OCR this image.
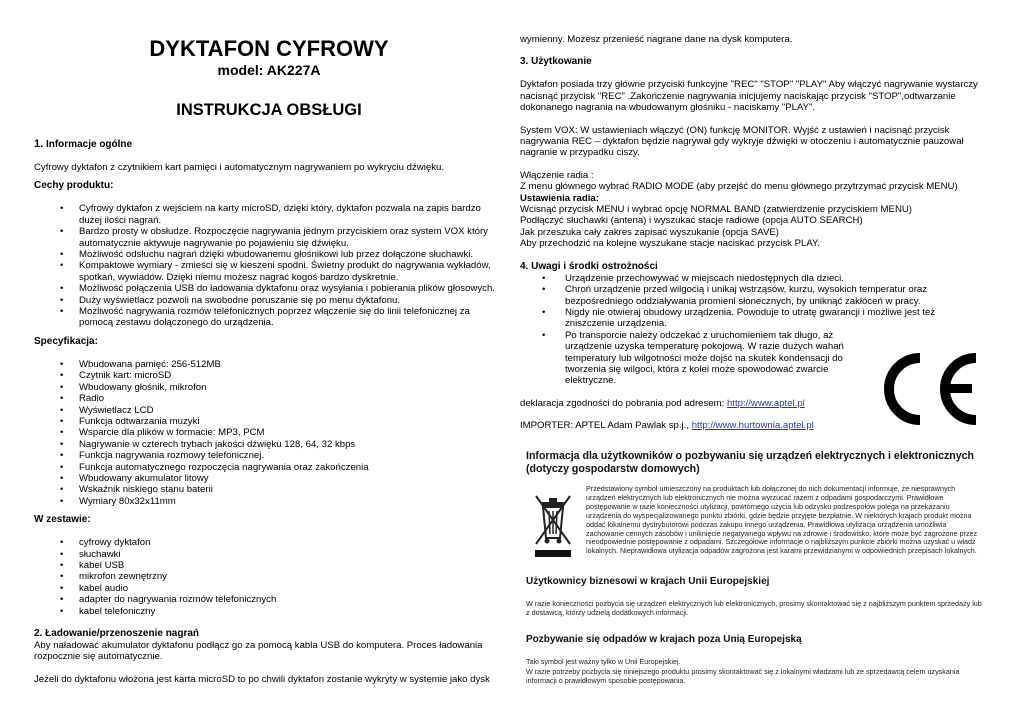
DYKTAFON CYFROWY
model: AK227A
INSTRUKCJA OBSŁUGI
1. Informacje ogólne
Cyfrowy dyktafon z czytnikiem kart pamięci i automatycznym nagrywaniem po wykryciu dźwięku.
Cechy produktu:
• Cyfrowy dyktafon z wejściem na karty microSD, dzięki który, dyktafon pozwala na zapis bardzo dużej ilości nagrań.
• Bardzo prosty w obsłudze. Rozpoczęcie nagrywania jednym przyciskiem oraz system VOX który automatycznie aktywuje nagrywanie po pojawieniu się dźwięku.
• Możliwość odsłuchu nagrań dzięki wbudowanemu głośnikowi lub przez dołączone słuchawki.
• Kompaktowe wymiary - zmieści się w kieszeni spodni. Świetny produkt do nagrywania wykładów, spotkań, wywiadów. Dzięki niemu możesz nagrać kogoś bardzo dyskretnie.
• Możliwość połączenia USB do ładowania dyktafonu oraz wysyłania i pobierania plików głosowych.
• Duży wyświetlacz pozwoli na swobodne poruszanie się po menu dyktafonu.
• Możliwość nagrywania rozmów telefonicznych poprzez włączenie się do linii telefonicznej za pomocą zestawu dołączonego do urządzenia.
Specyfikacja:
• Wbudowana pamięć: 256-512MB
• Czytnik kart: microSD
• Wbudowany głośnik, mikrofon
• Radio
• Wyświetlacz LCD
• Funkcja odtwarzania muzyki
• Wsparcie dla plików w formacie: MP3, PCM
• Nagrywanie w czterech trybach jakości dźwięku 128, 64, 32 kbps
• Funkcja nagrywania rozmowy telefonicznej.
• Funkcja automatycznego rozpoczęcia nagrywania oraz zakończenia
• Wbudowany akumulator litowy
• Wskaźnik niskiego stanu baterii
• Wymiary 80x32x11mm
W zestawie:
• cyfrowy dyktafon
• słuchawki
• kabel USB
• mikrofon zewnętrzny
• kabel audio
• adapter do nagrywania rozmów telefonicznych
• kabel telefoniczny
2. Ładowanie/przenoszenie nagrań
Aby naładować akumulator dyktafonu podłącz go za pomocą kabla USB do komputera. Proces ładowania rozpocznie się automatycznie.
Jeżeli do dyktafonu włożona jest karta microSD to po chwili dyktafon zostanie wykryty w systemie jako dysk
wymienny. Możesz przenieść nagrane dane na dysk komputera.
3. Użytkowanie
Dyktafon posiada trzy główne przyciski funkcyjne "REC" "STOP" "PLAY" Aby włączyć nagrywanie wystarczy nacisnąć przycisk "REC" .Zakończenie nagrywania inicjujemy naciskając przycisk "STOP",odtwarzanie dokonanego nagrania na wbudowanym głośniku - naciskamy "PLAY".
System VOX: W ustawieniach włączyć (ON) funkcję MONITOR. Wyjść z ustawień i nacisnąć przycisk nagrywania REC – dyktafon będzie nagrywał gdy wykryje dźwięki w otoczeniu i automatycznie pauzował nagranie w przypadku ciszy.
Włączenie radia :
Z menu głównego wybrać RADIO MODE (aby przejść do menu głównego przytrzymać przycisk MENU)
Ustawienia radia:
Wcisnąć przycisk MENU i wybrać opcję NORMAL BAND (zatwierdzenie przyciskiem MENU)
Podłączyć słuchawki (antena) i wyszukać stacje radiowe (opcja AUTO SEARCH)
Jak przeszuka cały zakres zapisać wyszukanie (opcja SAVE)
Aby przechodzić na kolejne wyszukane stacje naciskać przycisk PLAY.
4. Uwagi i środki ostrożności
• Urządzenie przechowywać w miejscach niedostępnych dla dzieci.
• Chroń urządzenie przed wilgocią i unikaj wstrząsów, kurzu, wysokich temperatur oraz bezpośredniego oddziaływania promieni słonecznych, by uniknąć zakłóceń w pracy.
• Nigdy nie otwieraj obudowy urządzenia. Powoduje to utratę gwarancji i możliwe jest też zniszczenie urządzenia.
• Po transporcie należy odczekać z uruchomieniem tak długo, aż urządzenie uzyska temperaturę pokojową. W razie dużych wahań temperatury lub wilgotności może dojść na skutek kondensacji do tworzenia się wilgoci, która z kolei może spowodować zwarcie elektryczne.
deklaracja zgodności do pobrania pod adresem: http://www.aptel.pl
IMPORTER: APTEL Adam Pawlak sp.j., http://www.hurtownia.aptel.pl
Informacja dla użytkowników o pozbywaniu się urządzeń elektrycznych i elektronicznych (dotyczy gospodarstw domowych)
Przedstawiony symbol umieszczony na produktach lub dołączonej do nich dokumentacji informuje, że niesprawnych urządzeń elektrycznych lub elektronicznych nie można wyrzucać razem z odpadami gospodarczymi. Prawidłowe postępowanie w razie konieczności utylizacji, powtórnego użycia lub odzysku podzespołów polega na przekazaniu urządzenia do wyspecjalizowanego punktu zbiórki, gdzie będzie przyjęte bezpłatnie. W niektórych krajach produkt można oddać lokalnemu dystrybutorowi podczas zakupu innego urządzenia. Prawidłowa utylizacja urządzenia umożliwia zachowanie cennych zasobów i uniknięcie negatywnego wpływu na zdrowie i środowisko, które może być zagrożone przez nieodpowiednie postępowanie z odpadami. Szczegółowe informacje o najbliższym punkcie zbiórki można uzyskać u władz lokalnych. Nieprawidłowa utylizacja odpadów zagrożona jest karami przewidzianymi w odpowiednich przepisach lokalnych.
Użytkownicy biznesowi w krajach Unii Europejskiej
W razie konieczności pozbycia się urządzeń elektrycznych lub elektronicznych, prosimy skontaktować się z najbliższym punktem sprzedaży lub z dostawcą, którzy udzielą dodatkowych informacji.
Pozbywanie się odpadów w krajach poza Unią Europejską
Taki symbol jest ważny tylko w Unii Europejskiej.
W razie potrzeby pozbycia się niniejszego produktu prosimy skontaktować się z lokalnymi władzami lub ze sprzedawcą celem uzyskania informacji o prawidłowym sposobie postępowania.
